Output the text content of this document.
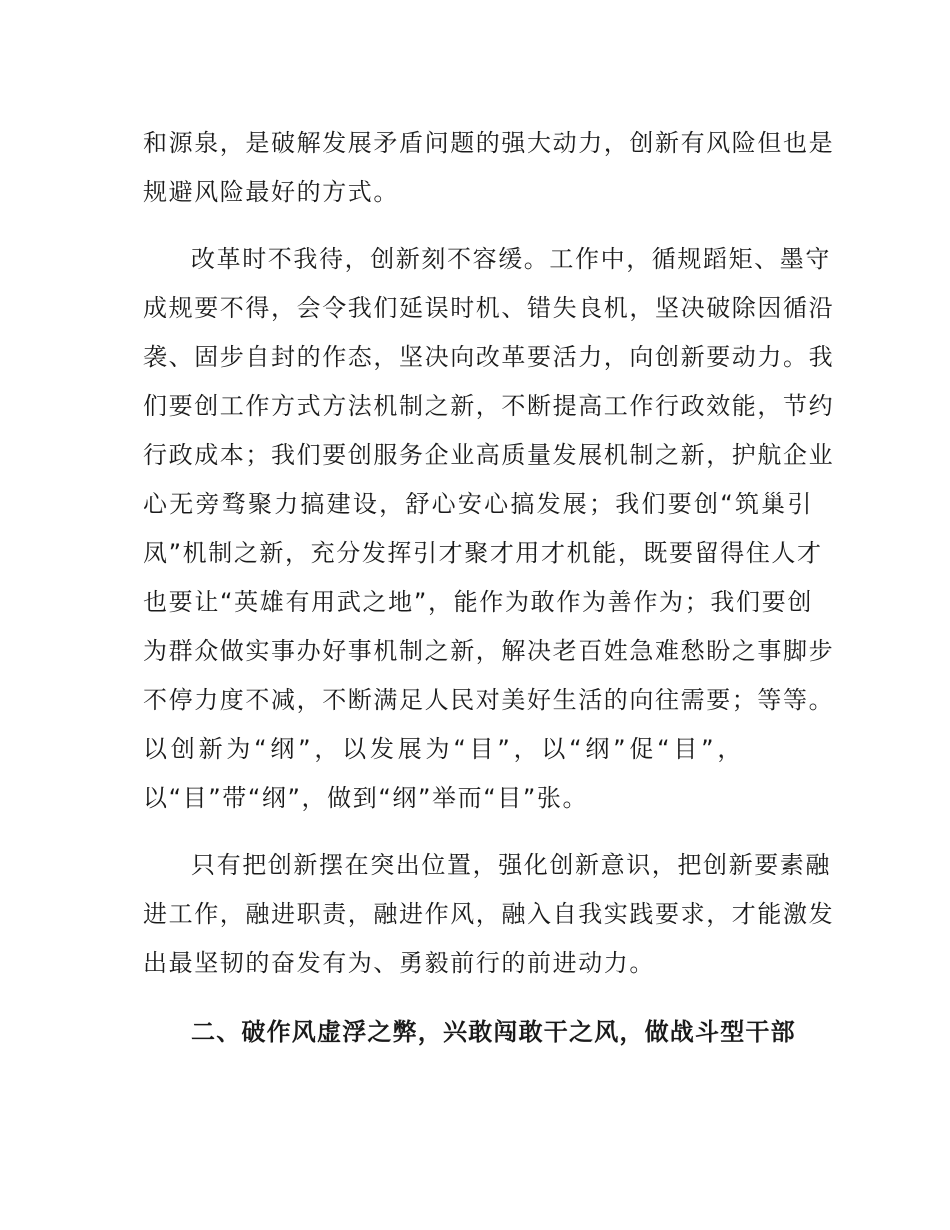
和源泉，是破解发展矛盾问题的强大动力，创新有风险但也是
规避风险最好的方式。
改革时不我待，创新刻不容缓。工作中，循规蹈矩、墨守
成规要不得，会令我们延误时机、错失良机，坚决破除因循沿
袭、固步自封的作态，坚决向改革要活力，向创新要动力。我
们要创工作方式方法机制之新，不断提高工作行政效能，节约
行政成本；我们要创服务企业高质量发展机制之新，护航企业
心无旁骛聚力搞建设，舒心安心搞发展；我们要创“筑巢引
凤”机制之新，充分发挥引才聚才用才机能，既要留得住人才
也要让“英雄有用武之地”，能作为敢作为善作为；我们要创
为群众做实事办好事机制之新，解决老百姓急难愁盼之事脚步
不停力度不减，不断满足人民对美好生活的向往需要；等等。
以创新为“纲”，以发展为“目”，以“纲”促“目”，
以“目”带“纲”，做到“纲”举而“目”张。
只有把创新摆在突出位置，强化创新意识，把创新要素融
进工作，融进职责，融进作风，融入自我实践要求，才能激发
出最坚韧的奋发有为、勇毅前行的前进动力。
二、破作风虚浮之弊，兴敢闯敢干之风，做战斗型干部
